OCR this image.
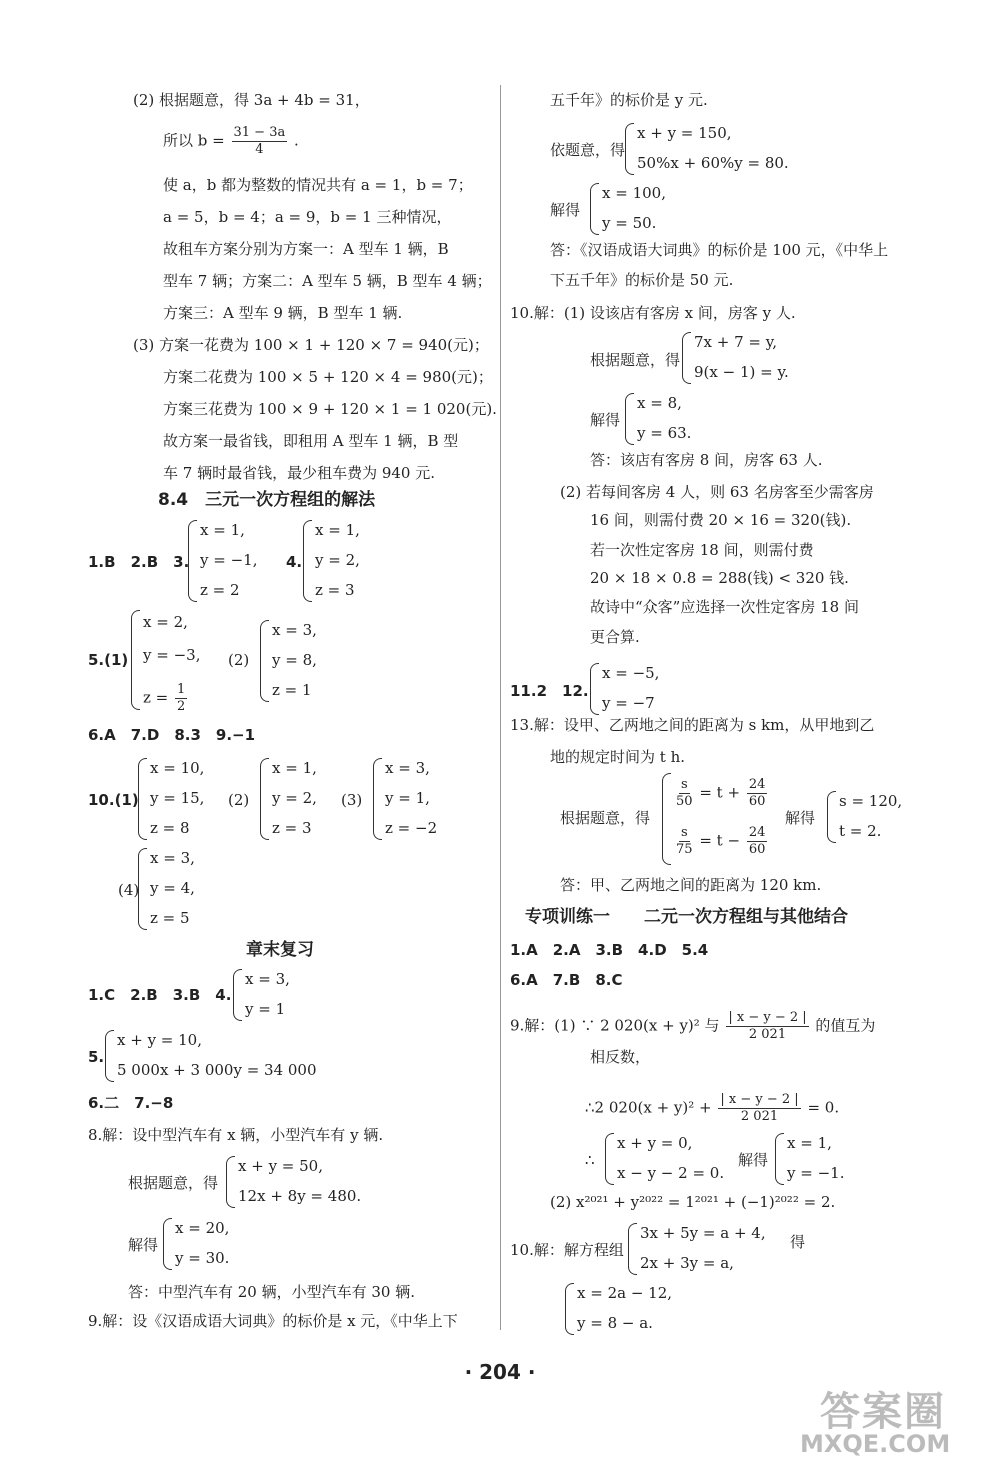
(2) 根据题意，得 3a + 4b = 31，
所以 $b = \frac{31 - 3a}{4}$ .
使 a，b 都为整数的情况共有 a = 1，b = 7；
a = 5，b = 4；a = 9，b = 1 三种情况，
故租车方案分别为方案一：A 型车 1 辆，B
型车 7 辆；方案二：A 型车 5 辆，B 型车 4 辆；
方案三：A 型车 9 辆，B 型车 1 辆.
(3) 方案一花费为 100 × 1 + 120 × 7 = 940(元)；
方案二花费为 100 × 5 + 120 × 4 = 980(元)；
方案三花费为 100 × 9 + 120 × 1 = 1 020(元).
故方案一最省钱，即租用 A 型车 1 辆，B 型
车 7 辆时最省钱，最少租车费为 940 元.
8.4　三元一次方程组的解法
1.B　2.B　3.
x = 1,
y = −1,
z = 2
4.
x = 1,
y = 2,
z = 3
5.(1)
x = 2,
y = −3,
$z = \frac{1}{2}$
(2)
x = 3,
y = 8,
z = 1
6.A　7.D　8.3　9.−1
10.(1)
x = 10,
y = 15,
z = 8
(2)
x = 1,
y = 2,
z = 3
(3)
x = 3,
y = 1,
z = −2
(4)
x = 3,
y = 4,
z = 5
章末复习
1.C　2.B　3.B　4.
x = 3,
y = 1
5.
x + y = 10,
5 000x + 3 000y = 34 000
6.二　7.−8
8.解：设中型汽车有 x 辆，小型汽车有 y 辆.
根据题意，得
x + y = 50,
12x + 8y = 480.
解得
x = 20,
y = 30.
答：中型汽车有 20 辆，小型汽车有 30 辆.
9.解：设《汉语成语大词典》的标价是 x 元，《中华上下
五千年》的标价是 y 元.
依题意，得
x + y = 150,
50%x + 60%y = 80.
解得
x = 100,
y = 50.
答：《汉语成语大词典》的标价是 100 元，《中华上
下五千年》的标价是 50 元.
10.解：(1) 设该店有客房 x 间，房客 y 人.
根据题意，得
7x + 7 = y,
9(x − 1) = y.
解得
x = 8,
y = 63.
答：该店有客房 8 间，房客 63 人.
(2) 若每间客房 4 人，则 63 名房客至少需客房
16 间，则需付费 20 × 16 = 320(钱).
若一次性定客房 18 间，则需付费
20 × 18 × 0.8 = 288(钱) < 320 钱.
故诗中“众客”应选择一次性定客房 18 间
更合算.
11.2　12.
x = −5,
y = −7
13.解：设甲、乙两地之间的距离为 s km，从甲地到乙
地的规定时间为 t h.
根据题意，得
$\frac{s}{50} = t + \frac{24}{60}$
$\frac{s}{75} = t - \frac{24}{60}$
解得
s = 120,
t = 2.
答：甲、乙两地之间的距离为 120 km.
专项训练一　　二元一次方程组与其他结合
1.A　2.A　3.B　4.D　5.4
6.A　7.B　8.C
9.解：(1) ∵ 2 020(x + y)² 与 $\frac{| x - y - 2 |}{2 021}$ 的值互为
相反数，
∴2 $020(x + y)^2 + \frac{| x - y - 2 |}{2 021} = 0$.
∴
x + y = 0,
x − y − 2 = 0.
解得
x = 1,
y = −1.
(2) x²⁰²¹ + y²⁰²² = 1²⁰²¹ + (−1)²⁰²² = 2.
10.解：解方程组
3x + 5y = a + 4,
2x + 3y = a,
得
x = 2a − 12,
y = 8 − a.
· 204 ·
答案圈
MXQE.COM
